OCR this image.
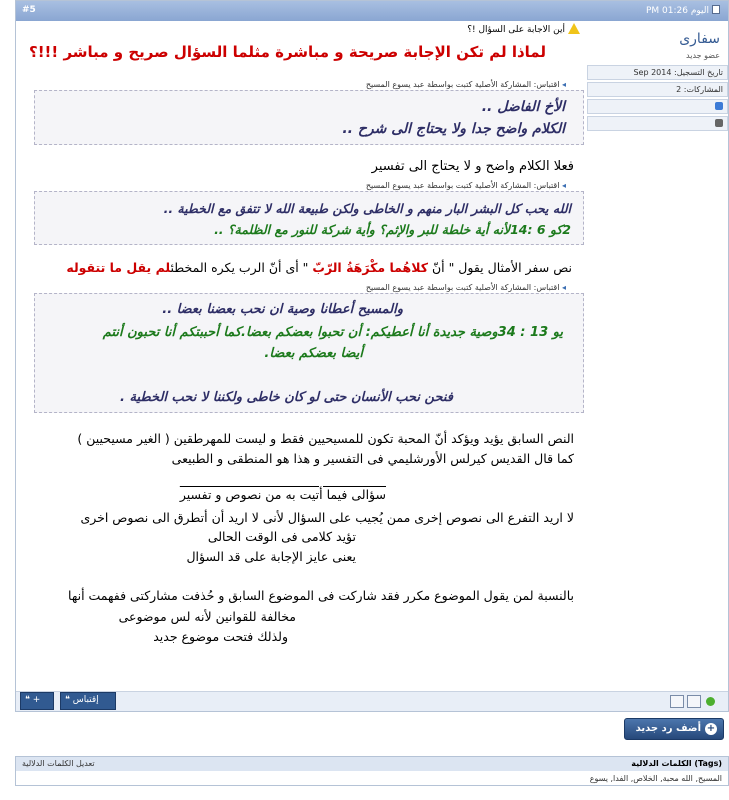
#5	اليوم 01:26 PM
سفارى
عضو جديد
تاريخ التسجيل: Sep 2014
المشاركات: 2
أين الاجابة على السؤال !؟
لماذا لم تكن الإجابة صريحة و مباشرة مثلما السؤال صريح و مباشر !!!؟
◂ اقتباس: المشاركة الأصلية كتبت بواسطة عبد يسوع المسيح
الأخ الفاضل ..
الكلام واضح جدا ولا يحتاج الى شرح ..
فعلا الكلام واضح و لا يحتاج الى تفسير
◂ اقتباس: المشاركة الأصلية كتبت بواسطة عبد يسوع المسيح
الله يحب كل البشر البار منهم و الخاطى ولكن طبيعة الله لا تتفق مع الخطية ..
2كو 6 :14لأنه أية خلطة للبر والإثم؟ وأية شركة للنور مع الظلمة؟ ..
نص سفر الأمثال يقول " أنّ كلاهُما مكْرَهَةُ الرّبّ " أى أنّ الرب يكره المخطئلم يقل ما تتقوله
◂ اقتباس: المشاركة الأصلية كتبت بواسطة عبد يسوع المسيح
والمسيح أعطانا وصية ان نحب بعضنا بعضا ..
يو 13 : 34وصية جديدة أنا أعطيكم: أن تحبوا بعضكم بعضا.كما أحببتكم أنا تحبون أنتم
أيضا بعضكم بعضا.
فنحن نحب الأنسان حتى لو كان خاطى ولكننا لا نحب الخطية .
النص السابق يؤيد ويؤكد أنّ المحبة تكون للمسيحيين فقط و ليست للمهرطقين ( الغير مسيحيين )
كما قال القديس كيرلس الأورشليمي فى التفسير و هذا هو المنطقى و الطبيعى
سؤالى فيما أتيت به من نصوص و تفسير
لا اريد التفرع الى نصوص إخرى ممن يُجيب على السؤال لأنى لا اريد أن أتطرق الى نصوص اخرى
تؤيد كلامى فى الوقت الحالى
يعنى عايز الإجابة على قد السؤال
بالنسبة لمن يقول الموضوع مكرر فقد شاركت فى الموضوع السابق و حُذفت مشاركتى ففهمت أنها
مخالفة للقوانين لأنه لس موضوعى
ولذلك فتحت موضوع جديد
❝ +	❝ إقتباس
+أضف رد جديد
الكلمات الدلالية (Tags)
تعديل الكلمات الدلالية
المسيح, الله محبة, الخلاص, الفدا, يسوع
